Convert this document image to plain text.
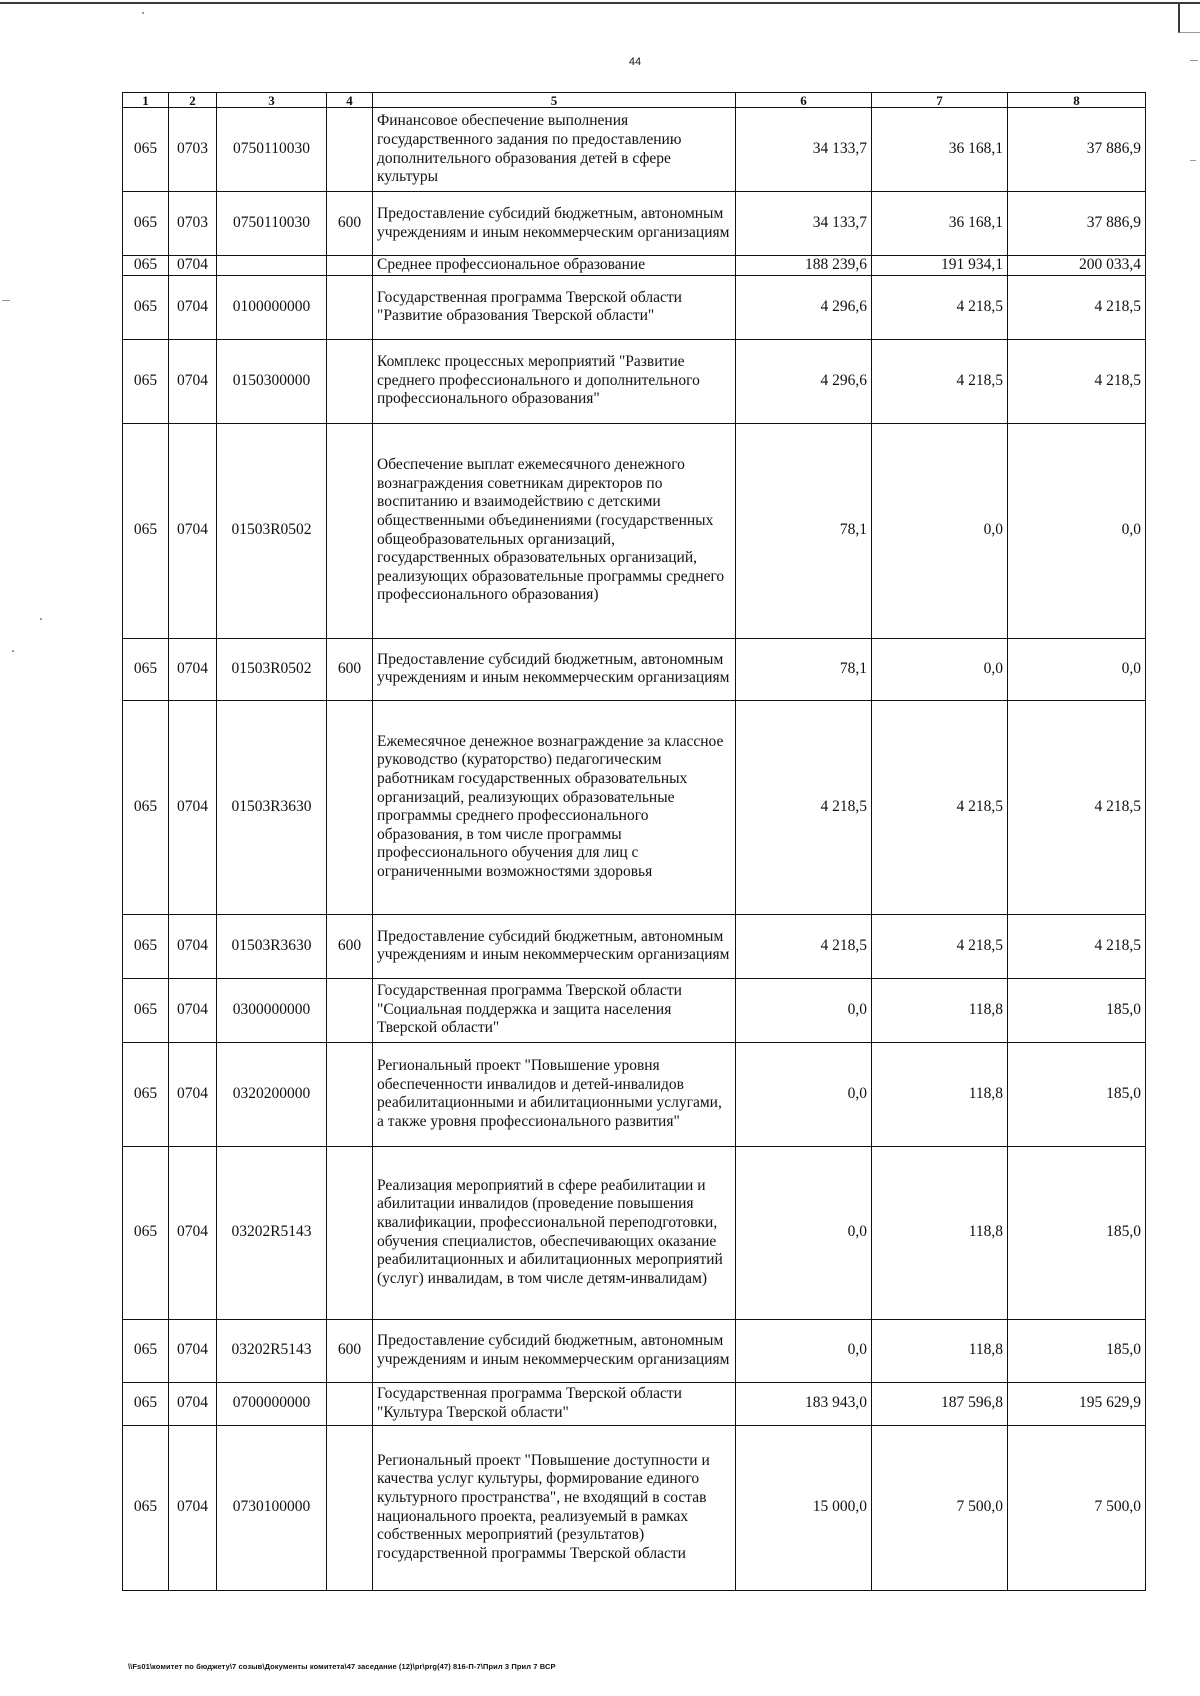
44
1	2	3	4	5	6	7	8
065	0703	0750110030		Финансовое обеспечение выполнения государственного задания по предоставлению дополнительного образования детей в сфере культуры	34 133,7	36 168,1	37 886,9
065	0703	0750110030	600	Предоставление субсидий бюджетным, автономным учреждениям и иным некоммерческим организациям	34 133,7	36 168,1	37 886,9
065	0704			Среднее профессиональное образование	188 239,6	191 934,1	200 033,4
065	0704	0100000000		Государственная программа Тверской области "Развитие образования Тверской области"	4 296,6	4 218,5	4 218,5
065	0704	0150300000		Комплекс процессных мероприятий "Развитие среднего профессионального и дополнительного профессионального образования"	4 296,6	4 218,5	4 218,5
065	0704	01503R0502		Обеспечение выплат ежемесячного денежного вознаграждения советникам директоров по воспитанию и взаимодействию с детскими общественными объединениями (государственных общеобразовательных организаций, государственных образовательных организаций, реализующих образовательные программы среднего профессионального образования)	78,1	0,0	0,0
065	0704	01503R0502	600	Предоставление субсидий бюджетным, автономным учреждениям и иным некоммерческим организациям	78,1	0,0	0,0
065	0704	01503R3630		Ежемесячное денежное вознаграждение за классное руководство (кураторство) педагогическим работникам государственных образовательных организаций, реализующих образовательные программы среднего профессионального образования, в том числе программы профессионального обучения для лиц с ограниченными возможностями здоровья	4 218,5	4 218,5	4 218,5
065	0704	01503R3630	600	Предоставление субсидий бюджетным, автономным учреждениям и иным некоммерческим организациям	4 218,5	4 218,5	4 218,5
065	0704	0300000000		Государственная программа Тверской области "Социальная поддержка и защита населения Тверской области"	0,0	118,8	185,0
065	0704	0320200000		Региональный проект "Повышение уровня обеспеченности инвалидов и детей-инвалидов реабилитационными и абилитационными услугами, а также уровня профессионального развития"	0,0	118,8	185,0
065	0704	03202R5143		Реализация мероприятий в сфере реабилитации и абилитации инвалидов (проведение повышения квалификации, профессиональной переподготовки, обучения специалистов, обеспечивающих оказание реабилитационных и абилитационных мероприятий (услуг) инвалидам, в том числе детям-инвалидам)	0,0	118,8	185,0
065	0704	03202R5143	600	Предоставление субсидий бюджетным, автономным учреждениям и иным некоммерческим организациям	0,0	118,8	185,0
065	0704	0700000000		Государственная программа Тверской области "Культура Тверской области"	183 943,0	187 596,8	195 629,9
065	0704	0730100000		Региональный проект "Повышение доступности и качества услуг культуры, формирование единого культурного пространства", не входящий в состав национального проекта, реализуемый в рамках собственных мероприятий (результатов) государственной программы Тверской области	15 000,0	7 500,0	7 500,0
\\Fs01\комитет по бюджету\7 созыв\Документы комитета\47 заседание (12)\pr\prg(47) 816-П-7\Прил 3 Прил 7 ВСР
